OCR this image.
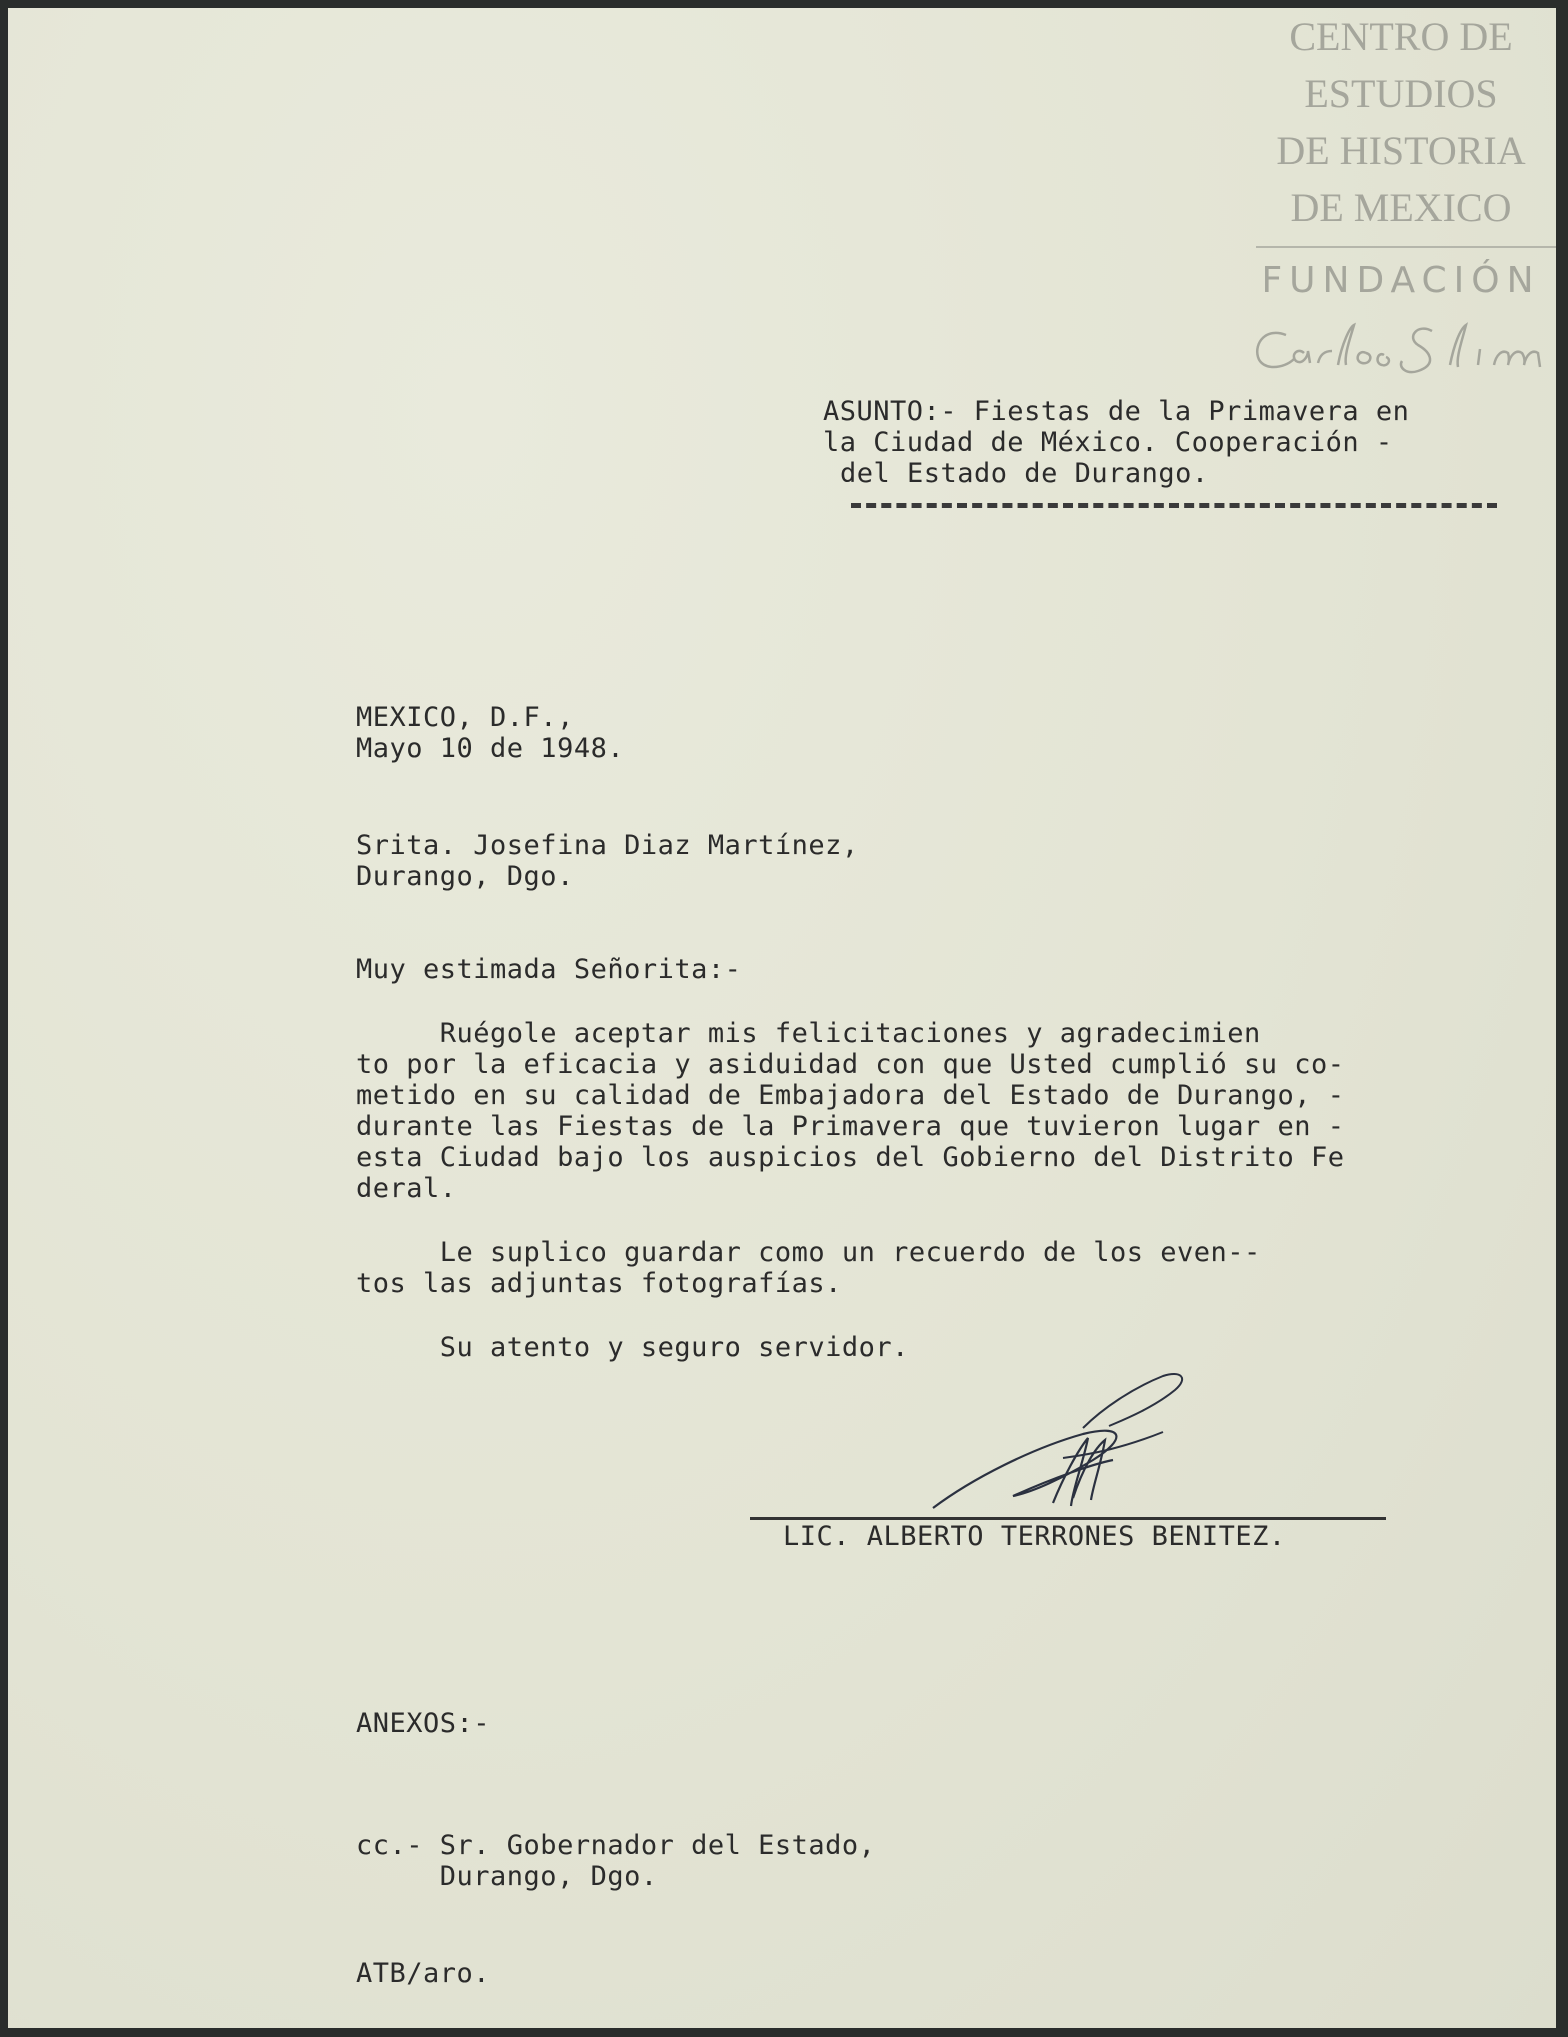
CENTRO DE
ESTUDIOS
DE HISTORIA
DE MEXICO
FUNDACIÓN
ASUNTO:- Fiestas de la Primavera en
la Ciudad de México. Cooperación -
del Estado de Durango.
MEXICO, D.F.,
Mayo 10 de 1948.
Srita. Josefina Diaz Martínez,
Durango, Dgo.
Muy estimada Señorita:-
Ruégole aceptar mis felicitaciones y agradecimien
to por la eficacia y asiduidad con que Usted cumplió su co-
metido en su calidad de Embajadora del Estado de Durango, -
durante las Fiestas de la Primavera que tuvieron lugar en -
esta Ciudad bajo los auspicios del Gobierno del Distrito Fe
deral.
Le suplico guardar como un recuerdo de los even--
tos las adjuntas fotografías.
Su atento y seguro servidor.
LIC. ALBERTO TERRONES BENITEZ.
ANEXOS:-
cc.- Sr. Gobernador del Estado,
Durango, Dgo.
ATB/aro.
